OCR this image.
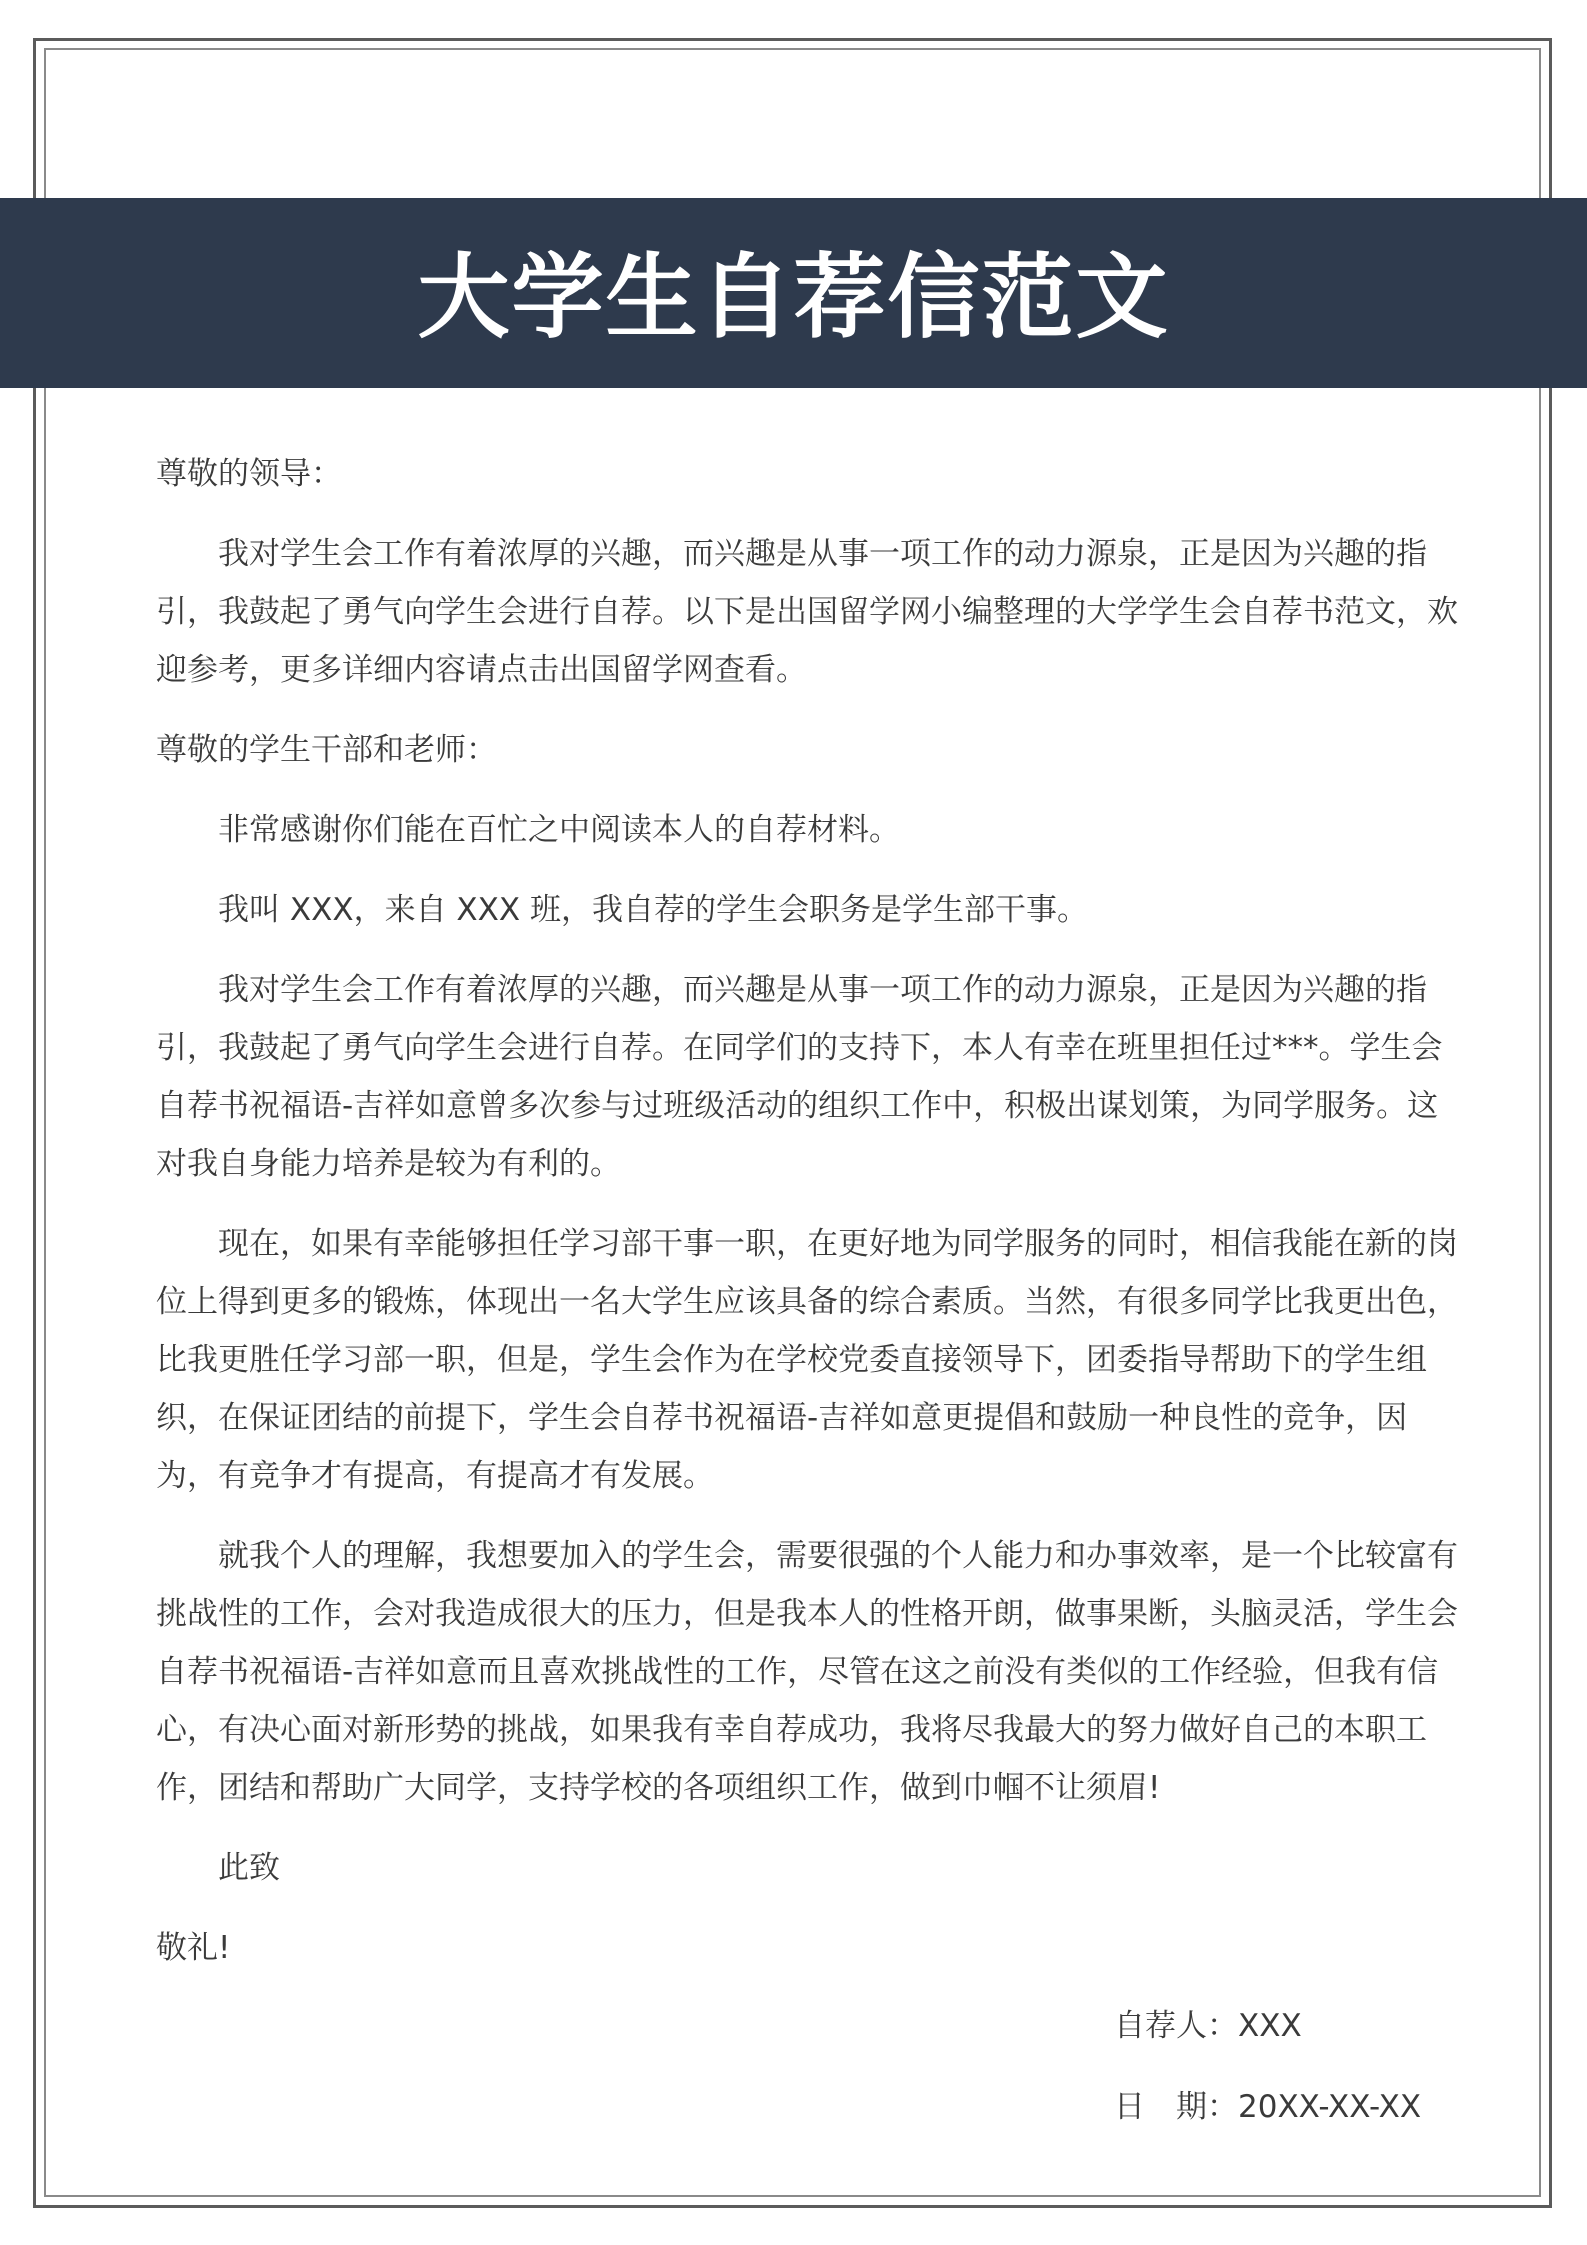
大学生自荐信范文

尊敬的领导：

我对学生会工作有着浓厚的兴趣，而兴趣是从事一项工作的动力源泉，正是因为兴趣的指引，我鼓起了勇气向学生会进行自荐。以下是出国留学网小编整理的大学学生会自荐书范文，欢迎参考，更多详细内容请点击出国留学网查看。

尊敬的学生干部和老师：

非常感谢你们能在百忙之中阅读本人的自荐材料。

我叫 XXX，来自 XXX 班，我自荐的学生会职务是学生部干事。

我对学生会工作有着浓厚的兴趣，而兴趣是从事一项工作的动力源泉，正是因为兴趣的指引，我鼓起了勇气向学生会进行自荐。在同学们的支持下，本人有幸在班里担任过***。学生会自荐书祝福语-吉祥如意曾多次参与过班级活动的组织工作中，积极出谋划策，为同学服务。这对我自身能力培养是较为有利的。

现在，如果有幸能够担任学习部干事一职，在更好地为同学服务的同时，相信我能在新的岗位上得到更多的锻炼，体现出一名大学生应该具备的综合素质。当然，有很多同学比我更出色，比我更胜任学习部一职，但是，学生会作为在学校党委直接领导下，团委指导帮助下的学生组织，在保证团结的前提下，学生会自荐书祝福语-吉祥如意更提倡和鼓励一种良性的竞争，因为，有竞争才有提高，有提高才有发展。

就我个人的理解，我想要加入的学生会，需要很强的个人能力和办事效率，是一个比较富有挑战性的工作，会对我造成很大的压力，但是我本人的性格开朗，做事果断，头脑灵活，学生会自荐书祝福语-吉祥如意而且喜欢挑战性的工作，尽管在这之前没有类似的工作经验，但我有信心，有决心面对新形势的挑战，如果我有幸自荐成功，我将尽我最大的努力做好自己的本职工作，团结和帮助广大同学，支持学校的各项组织工作，做到巾帼不让须眉!

此致

敬礼!

自荐人：XXX
日　期：20XX-XX-XX
